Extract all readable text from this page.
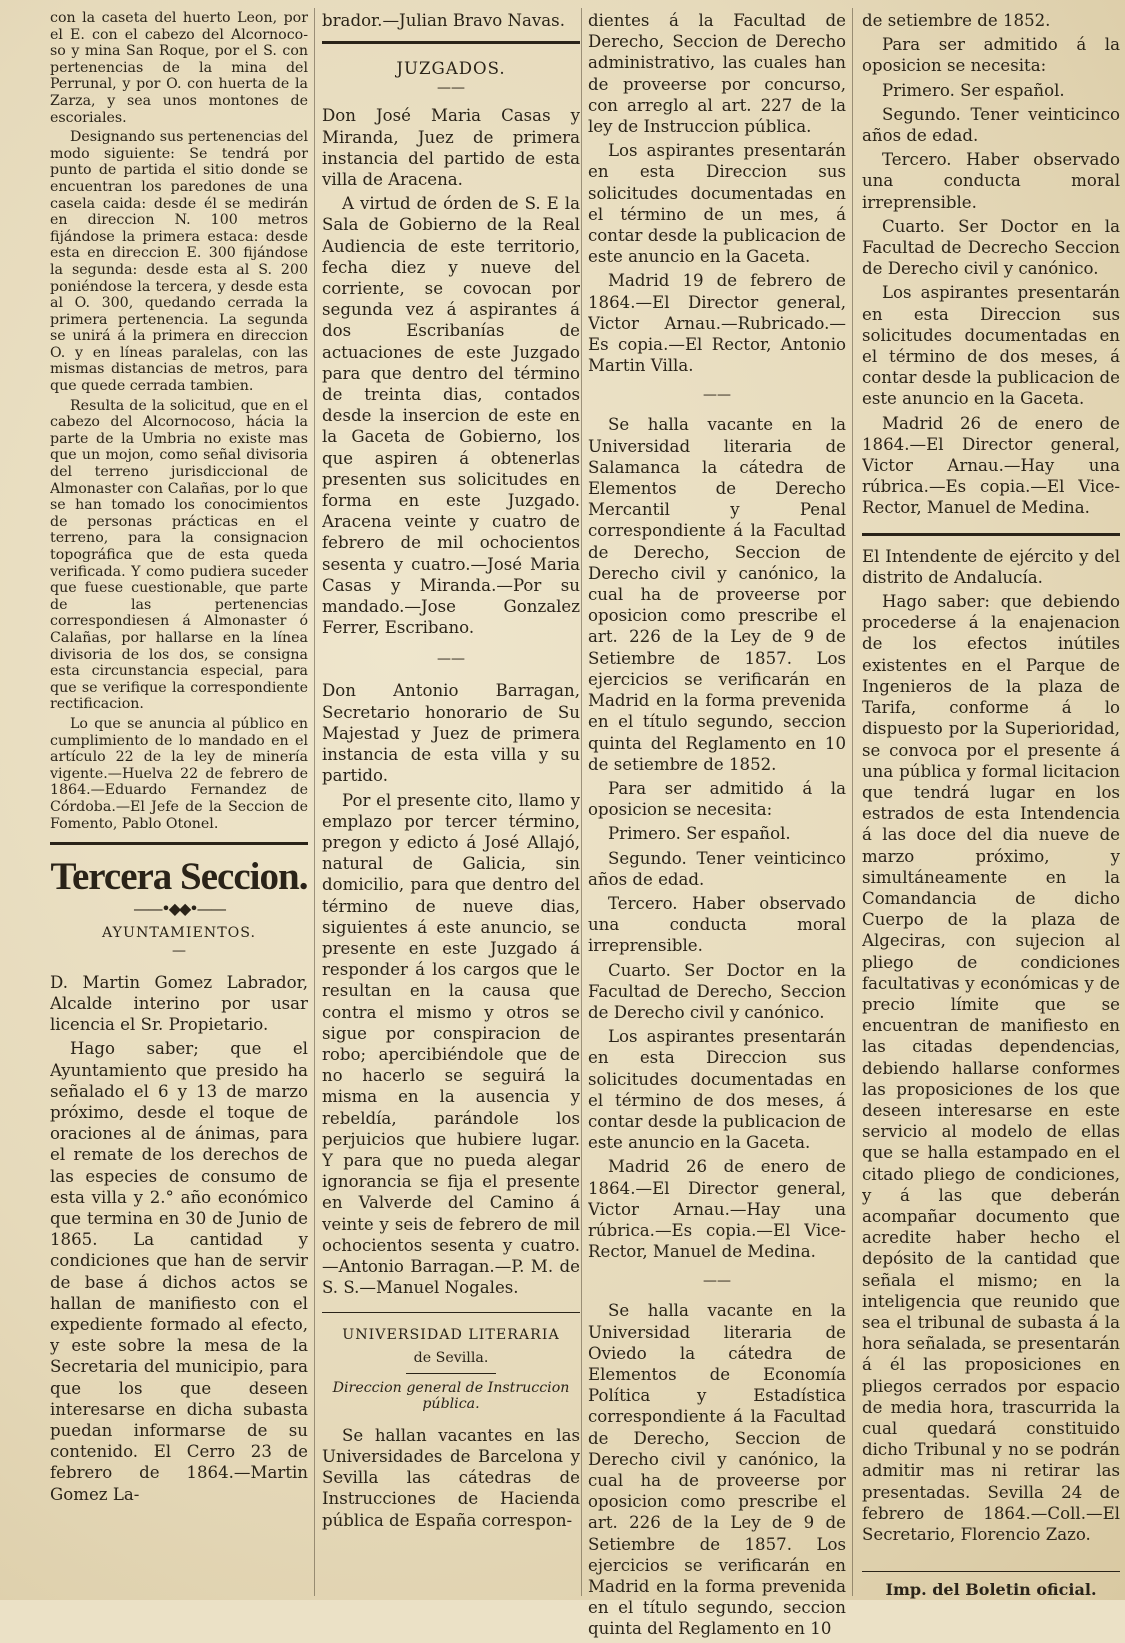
con la caseta del huerto Leon, por el E. con el cabezo del Alcornoco-so y mina San Roque, por el S. con pertenencias de la mina del Perrunal, y por O. con huerta de la Zarza, y sea unos montones de escoriales.

Designando sus pertenencias del modo siguiente: Se tendrá por punto de partida el sitio donde se encuentran los paredones de una casela caida: desde él se medirán en direccion N. 100 metros fijándose la primera estaca: desde esta en direccion E. 300 fijándose la segunda: desde esta al S. 200 poniéndose la tercera, y desde esta al O. 300, quedando cerrada la primera pertenencia. La segunda se unirá á la primera en direccion O. y en líneas paralelas, con las mismas distancias de metros, para que quede cerrada tambien.

Resulta de la solicitud, que en el cabezo del Alcornocoso, hácia la parte de la Umbria no existe mas que un mojon, como señal divisoria del terreno jurisdiccional de Almonaster con Calañas, por lo que se han tomado los conocimientos de personas prácticas en el terreno, para la consignacion topográfica que de esta queda verificada. Y como pudiera suceder que fuese cuestionable, que parte de las pertenencias correspondiesen á Almonaster ó Calañas, por hallarse en la línea divisoria de los dos, se consigna esta circunstancia especial, para que se verifique la correspondiente rectificacion.

Lo que se anuncia al público en cumplimiento de lo mandado en el artículo 22 de la ley de minería vigente.—Huelva 22 de febrero de 1864.—Eduardo Fernandez de Córdoba.—El Jefe de la Seccion de Fomento, Pablo Otonel.

Tercera Seccion.
——•◆◆•——

AYUNTAMIENTOS.

—

D. Martin Gomez Labrador, Alcalde interino por usar licencia el Sr. Propietario.

Hago saber; que el Ayuntamiento que presido ha señalado el 6 y 13 de marzo próximo, desde el toque de oraciones al de ánimas, para el remate de los derechos de las especies de consumo de esta villa y 2.° año económico que termina en 30 de Junio de 1865. La cantidad y condiciones que han de servir de base á dichos actos se hallan de manifiesto con el expediente formado al efecto, y este sobre la mesa de la Secretaria del municipio, para que los que deseen interesarse en dicha subasta puedan informarse de su contenido. El Cerro 23 de febrero de 1864.—Martin Gomez La-

brador.—Julian Bravo Navas.

JUZGADOS.

——

Don José Maria Casas y Miranda, Juez de primera instancia del partido de esta villa de Aracena.

A virtud de órden de S. E la Sala de Gobierno de la Real Audiencia de este territorio, fecha diez y nueve del corriente, se covocan por segunda vez á aspirantes á dos Escribanías de actuaciones de este Juzgado para que dentro del término de treinta dias, contados desde la insercion de este en la Gaceta de Gobierno, los que aspiren á obtenerlas presenten sus solicitudes en forma en este Juzgado. Aracena veinte y cuatro de febrero de mil ochocientos sesenta y cuatro.—José Maria Casas y Miranda.—Por su mandado.—Jose Gonzalez Ferrer, Escribano.

——

Don Antonio Barragan, Secretario honorario de Su Majestad y Juez de primera instancia de esta villa y su partido.

Por el presente cito, llamo y emplazo por tercer término, pregon y edicto á José Allajó, natural de Galicia, sin domicilio, para que dentro del término de nueve dias, siguientes á este anuncio, se presente en este Juzgado á responder á los cargos que le resultan en la causa que contra el mismo y otros se sigue por conspiracion de robo; apercibiéndole que de no hacerlo se seguirá la misma en la ausencia y rebeldía, parándole los perjuicios que hubiere lugar. Y para que no pueda alegar ignorancia se fija el presente en Valverde del Camino á veinte y seis de febrero de mil ochocientos sesenta y cuatro.—Antonio Barragan.—P. M. de S. S.—Manuel Nogales.

UNIVERSIDAD LITERARIA

de Sevilla.

Direccion general de Instruccion pública.

Se hallan vacantes en las Universidades de Barcelona y Sevilla las cátedras de Instrucciones de Hacienda pública de España correspon-

dientes á la Facultad de Derecho, Seccion de Derecho administrativo, las cuales han de proveerse por concurso, con arreglo al art. 227 de la ley de Instruccion pública.

Los aspirantes presentarán en esta Direccion sus solicitudes documentadas en el término de un mes, á contar desde la publicacion de este anuncio en la Gaceta.

Madrid 19 de febrero de 1864.—El Director general, Victor Arnau.—Rubricado.—Es copia.—El Rector, Antonio Martin Villa.

——

Se halla vacante en la Universidad literaria de Salamanca la cátedra de Elementos de Derecho Mercantil y Penal correspondiente á la Facultad de Derecho, Seccion de Derecho civil y canónico, la cual ha de proveerse por oposicion como prescribe el art. 226 de la Ley de 9 de Setiembre de 1857. Los ejercicios se verificarán en Madrid en la forma prevenida en el título segundo, seccion quinta del Reglamento en 10 de setiembre de 1852.

Para ser admitido á la oposicion se necesita:

Primero. Ser español.

Segundo. Tener veinticinco años de edad.

Tercero. Haber observado una conducta moral irreprensible.

Cuarto. Ser Doctor en la Facultad de Derecho, Seccion de Derecho civil y canónico.

Los aspirantes presentarán en esta Direccion sus solicitudes documentadas en el término de dos meses, á contar desde la publicacion de este anuncio en la Gaceta.

Madrid 26 de enero de 1864.—El Director general, Victor Arnau.—Hay una rúbrica.—Es copia.—El Vice-Rector, Manuel de Medina.

——

Se halla vacante en la Universidad literaria de Oviedo la cátedra de Elementos de Economía Política y Estadística correspondiente á la Facultad de Derecho, Seccion de Derecho civil y canónico, la cual ha de proveerse por oposicion como prescribe el art. 226 de la Ley de 9 de Setiembre de 1857. Los ejercicios se verificarán en Madrid en la forma prevenida en el título segundo, seccion quinta del Reglamento en 10

de setiembre de 1852.

Para ser admitido á la oposicion se necesita:

Primero. Ser español.

Segundo. Tener veinticinco años de edad.

Tercero. Haber observado una conducta moral irreprensible.

Cuarto. Ser Doctor en la Facultad de Decrecho Seccion de Derecho civil y canónico.

Los aspirantes presentarán en esta Direccion sus solicitudes documentadas en el término de dos meses, á contar desde la publicacion de este anuncio en la Gaceta.

Madrid 26 de enero de 1864.—El Director general, Victor Arnau.—Hay una rúbrica.—Es copia.—El Vice-Rector, Manuel de Medina.

El Intendente de ejército y del distrito de Andalucía.

Hago saber: que debiendo procederse á la enajenacion de los efectos inútiles existentes en el Parque de Ingenieros de la plaza de Tarifa, conforme á lo dispuesto por la Superioridad, se convoca por el presente á una pública y formal licitacion que tendrá lugar en los estrados de esta Intendencia á las doce del dia nueve de marzo próximo, y simultáneamente en la Comandancia de dicho Cuerpo de la plaza de Algeciras, con sujecion al pliego de condiciones facultativas y económicas y de precio límite que se encuentran de manifiesto en las citadas dependencias, debiendo hallarse conformes las proposiciones de los que deseen interesarse en este servicio al modelo de ellas que se halla estampado en el citado pliego de condiciones, y á las que deberán acompañar documento que acredite haber hecho el depósito de la cantidad que señala el mismo; en la inteligencia que reunido que sea el tribunal de subasta á la hora señalada, se presentarán á él las proposiciones en pliegos cerrados por espacio de media hora, trascurrida la cual quedará constituido dicho Tribunal y no se podrán admitir mas ni retirar las presentadas. Sevilla 24 de febrero de 1864.—Coll.—El Secretario, Florencio Zazo.

Imp. del Boletin oficial.
